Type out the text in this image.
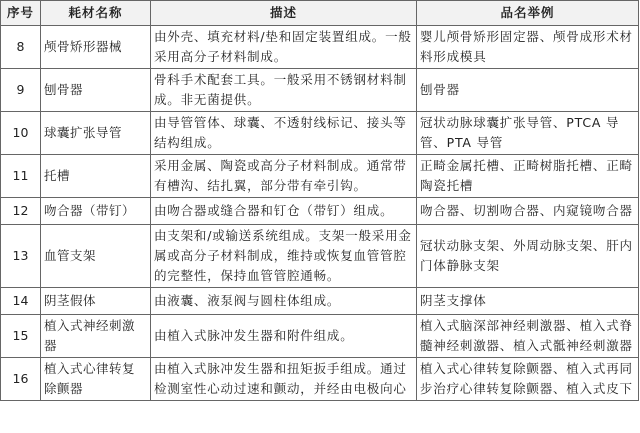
序号	耗材名称	描述	品名举例
8	颅骨矫形器械	由外壳、填充材料/垫和固定装置组成。一般采用高分子材料制成。	婴儿颅骨矫形固定器、颅骨成形术材料形成模具
9	刨骨器	骨科手术配套工具。一般采用不锈钢材料制成。非无菌提供。	刨骨器
10	球囊扩张导管	由导管管体、球囊、不透射线标记、接头等结构组成。	冠状动脉球囊扩张导管、PTCA 导管、PTA 导管
11	托槽	采用金属、陶瓷或高分子材料制成。通常带有槽沟、结扎翼，部分带有牵引钩。	正畸金属托槽、正畸树脂托槽、正畸陶瓷托槽
12	吻合器（带钉）	由吻合器或缝合器和钉仓（带钉）组成。	吻合器、切割吻合器、内窥镜吻合器
13	血管支架	由支架和/或输送系统组成。支架一般采用金属或高分子材料制成，维持或恢复血管管腔的完整性，保持血管管腔通畅。	冠状动脉支架、外周动脉支架、肝内门体静脉支架
14	阴茎假体	由液囊、液泵阀与圆柱体组成。	阴茎支撑体
15	植入式神经刺激器	由植入式脉冲发生器和附件组成。	植入式脑深部神经刺激器、植入式脊髓神经刺激器、植入式骶神经刺激器
16	植入式心律转复除颤器	由植入式脉冲发生器和扭矩扳手组成。通过检测室性心动过速和颤动，并经由电极向心	植入式心律转复除颤器、植入式再同步治疗心律转复除颤器、植入式皮下
